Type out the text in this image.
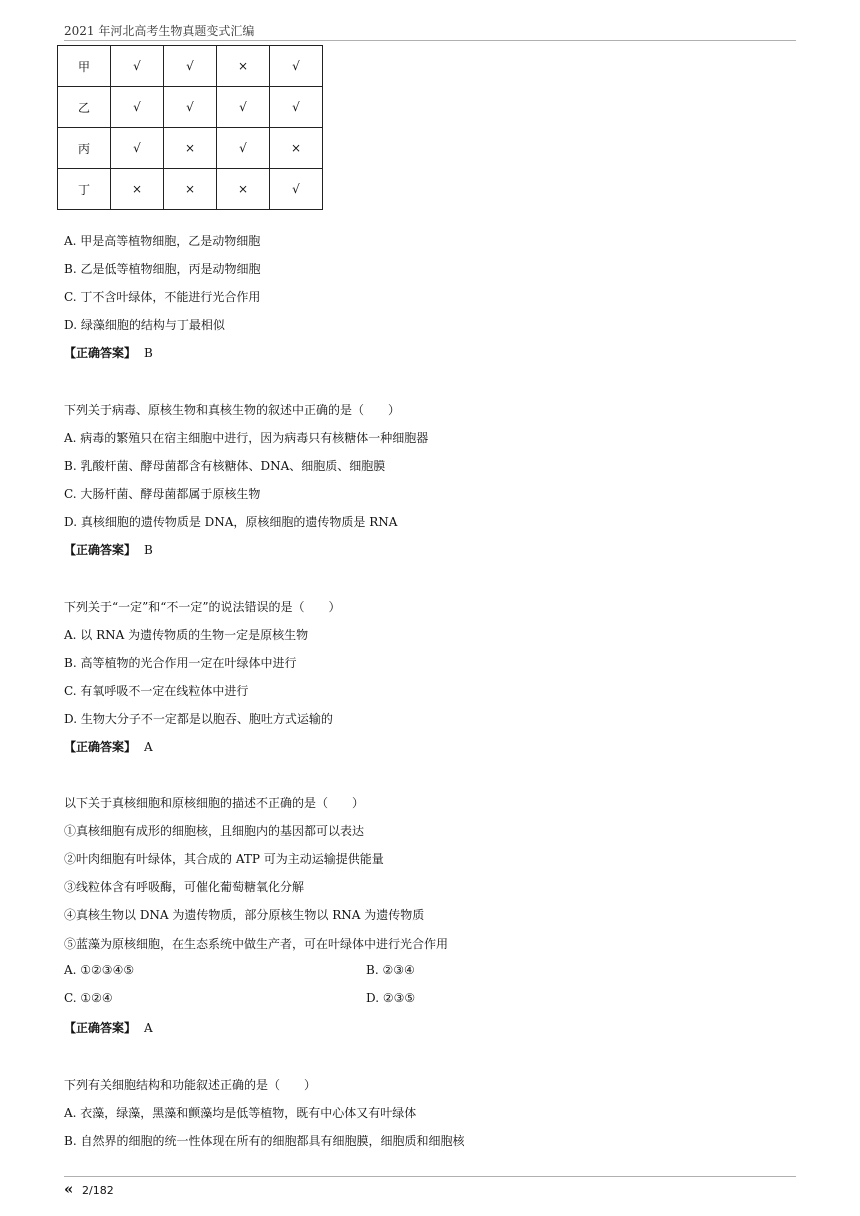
2021 年河北高考生物真题变式汇编
甲	√	√	×	√
乙	√	√	√	√
丙	√	×	√	×
丁	×	×	×	√
A. 甲是高等植物细胞，乙是动物细胞
B. 乙是低等植物细胞，丙是动物细胞
C. 丁不含叶绿体，不能进行光合作用
D. 绿藻细胞的结构与丁最相似
【正确答案】 B
下列关于病毒、原核生物和真核生物的叙述中正确的是（　　）
A. 病毒的繁殖只在宿主细胞中进行，因为病毒只有核糖体一种细胞器
B. 乳酸杆菌、酵母菌都含有核糖体、DNA、细胞质、细胞膜
C. 大肠杆菌、酵母菌都属于原核生物
D. 真核细胞的遗传物质是 DNA，原核细胞的遗传物质是 RNA
【正确答案】 B
下列关于“一定”和“不一定”的说法错误的是（　　）
A. 以 RNA 为遗传物质的生物一定是原核生物
B. 高等植物的光合作用一定在叶绿体中进行
C. 有氧呼吸不一定在线粒体中进行
D. 生物大分子不一定都是以胞吞、胞吐方式运输的
【正确答案】 A
以下关于真核细胞和原核细胞的描述不正确的是（　　）
①真核细胞有成形的细胞核，且细胞内的基因都可以表达
②叶肉细胞有叶绿体，其合成的 ATP 可为主动运输提供能量
③线粒体含有呼吸酶，可催化葡萄糖氧化分解
④真核生物以 DNA 为遗传物质，部分原核生物以 RNA 为遗传物质
⑤蓝藻为原核细胞，在生态系统中做生产者，可在叶绿体中进行光合作用
A. ①②③④⑤	B. ②③④
C. ①②④	D. ②③⑤
【正确答案】 A
下列有关细胞结构和功能叙述正确的是（　　）
A. 衣藻，绿藻，黑藻和颤藻均是低等植物，既有中心体又有叶绿体
B. 自然界的细胞的统一性体现在所有的细胞都具有细胞膜，细胞质和细胞核
« 2/182
